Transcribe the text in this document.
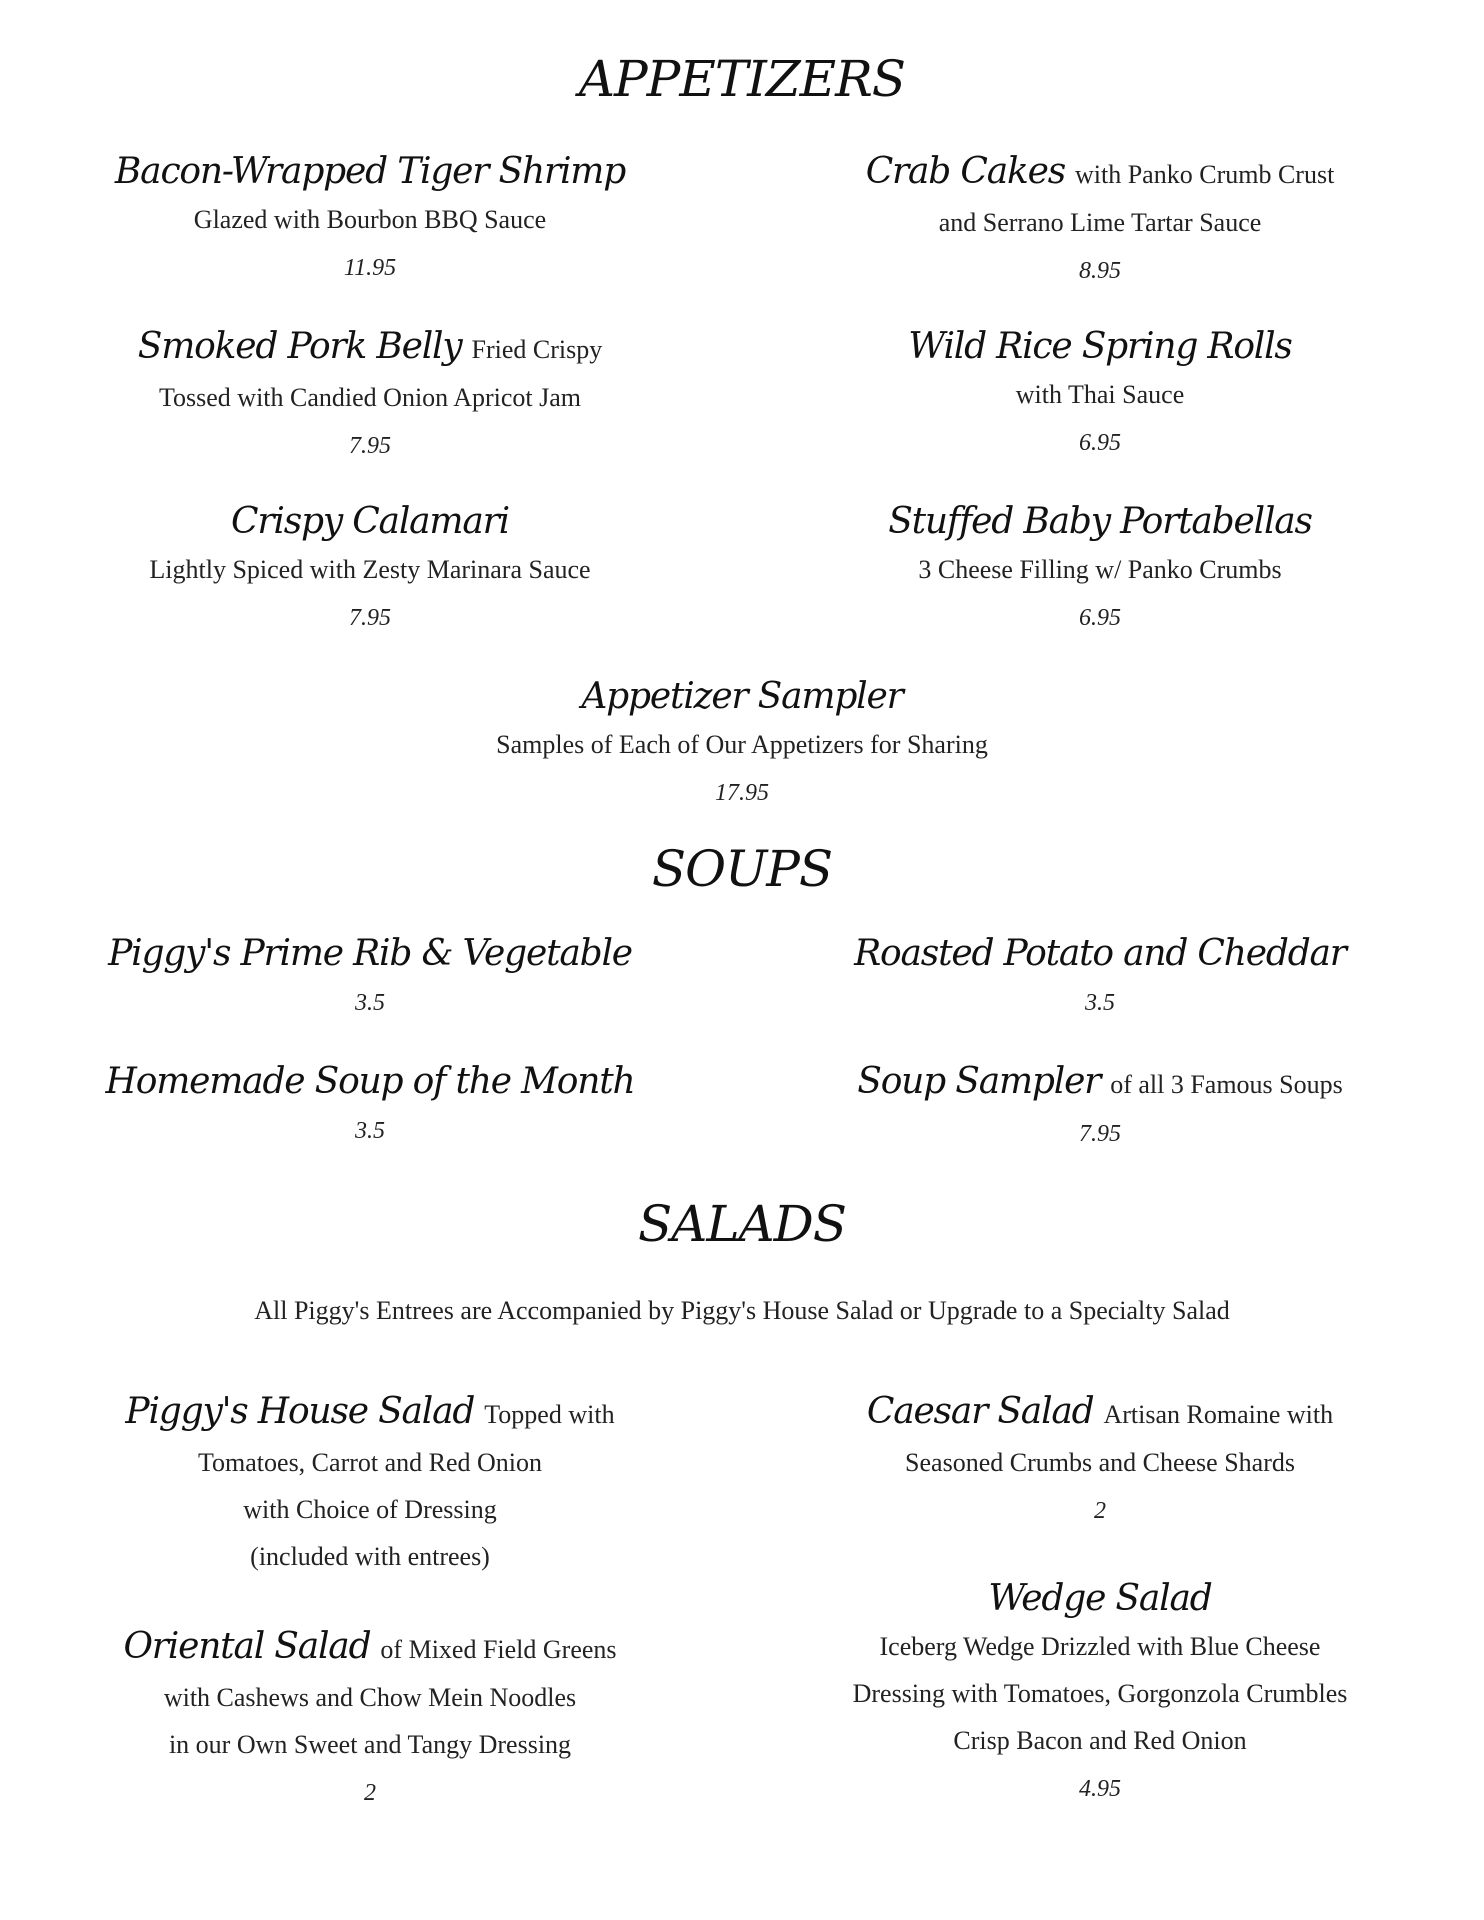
APPETIZERS
Bacon-Wrapped Tiger Shrimp
Glazed with Bourbon BBQ Sauce
11.95
Crab Cakes with Panko Crumb Crust
and Serrano Lime Tartar Sauce
8.95
Smoked Pork Belly Fried Crispy
Tossed with Candied Onion Apricot Jam
7.95
Wild Rice Spring Rolls
with Thai Sauce
6.95
Crispy Calamari
Lightly Spiced with Zesty Marinara Sauce
7.95
Stuffed Baby Portabellas
3 Cheese Filling w/ Panko Crumbs
6.95
Appetizer Sampler
Samples of Each of Our Appetizers for Sharing
17.95
SOUPS
Piggy's Prime Rib & Vegetable
3.5
Roasted Potato and Cheddar
3.5
Homemade Soup of the Month
3.5
Soup Sampler of all 3 Famous Soups
7.95
SALADS
All Piggy's Entrees are Accompanied by Piggy's House Salad or Upgrade to a Specialty Salad
Piggy's House Salad Topped with
Tomatoes, Carrot and Red Onion
with Choice of Dressing
(included with entrees)
Caesar Salad Artisan Romaine with
Seasoned Crumbs and Cheese Shards
2
Wedge Salad
Iceberg Wedge Drizzled with Blue Cheese
Dressing with Tomatoes, Gorgonzola Crumbles
Crisp Bacon and Red Onion
4.95
Oriental Salad of Mixed Field Greens
with Cashews and Chow Mein Noodles
in our Own Sweet and Tangy Dressing
2
